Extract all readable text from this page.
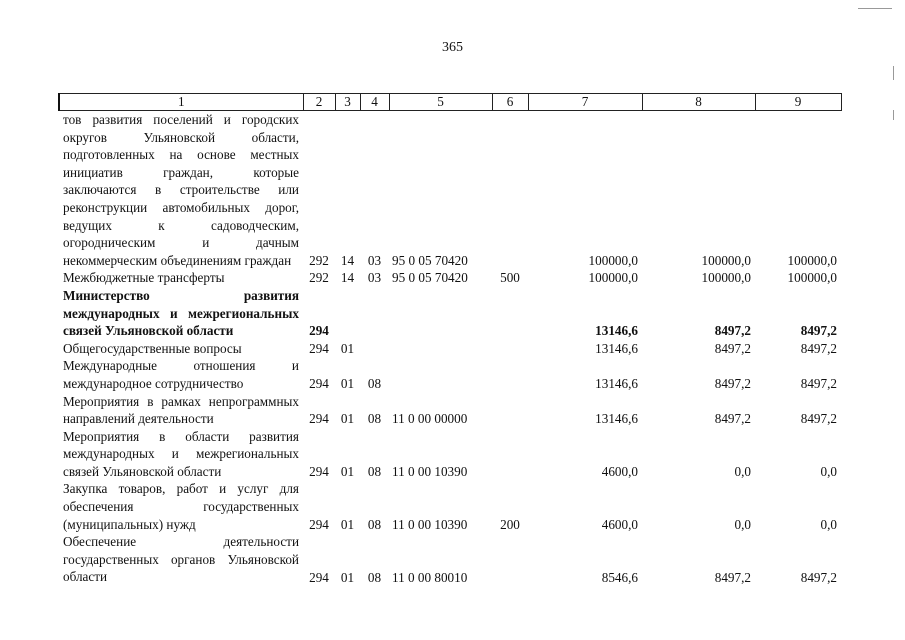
365
1	2	3	4	5	6	7	8	9
тов развития поселений и городских округов Ульяновской области, подготовленных на основе местных инициатив граждан, которые заключаются в строительстве или реконструкции автомобильных дорог, ведущих к садоводческим, огородническим и дачным некоммерческим объединениям граждан	292	14	03	95 0 05 70420		100000,0	100000,0	100000,0
Межбюджетные трансферты	292	14	03	95 0 05 70420	500	100000,0	100000,0	100000,0
Министерство развития международных и межрегиональных связей Ульяновской области	294					13146,6	8497,2	8497,2
Общегосударственные вопросы	294	01				13146,6	8497,2	8497,2
Международные отношения и международное сотрудничество	294	01	08			13146,6	8497,2	8497,2
Мероприятия в рамках непрограммных направлений деятельности	294	01	08	11 0 00 00000		13146,6	8497,2	8497,2
Мероприятия в области развития международных и межрегиональных связей Ульяновской области	294	01	08	11 0 00 10390		4600,0	0,0	0,0
Закупка товаров, работ и услуг для обеспечения государственных (муниципальных) нужд	294	01	08	11 0 00 10390	200	4600,0	0,0	0,0
Обеспечение деятельности государственных органов Ульяновской области	294	01	08	11 0 00 80010		8546,6	8497,2	8497,2
